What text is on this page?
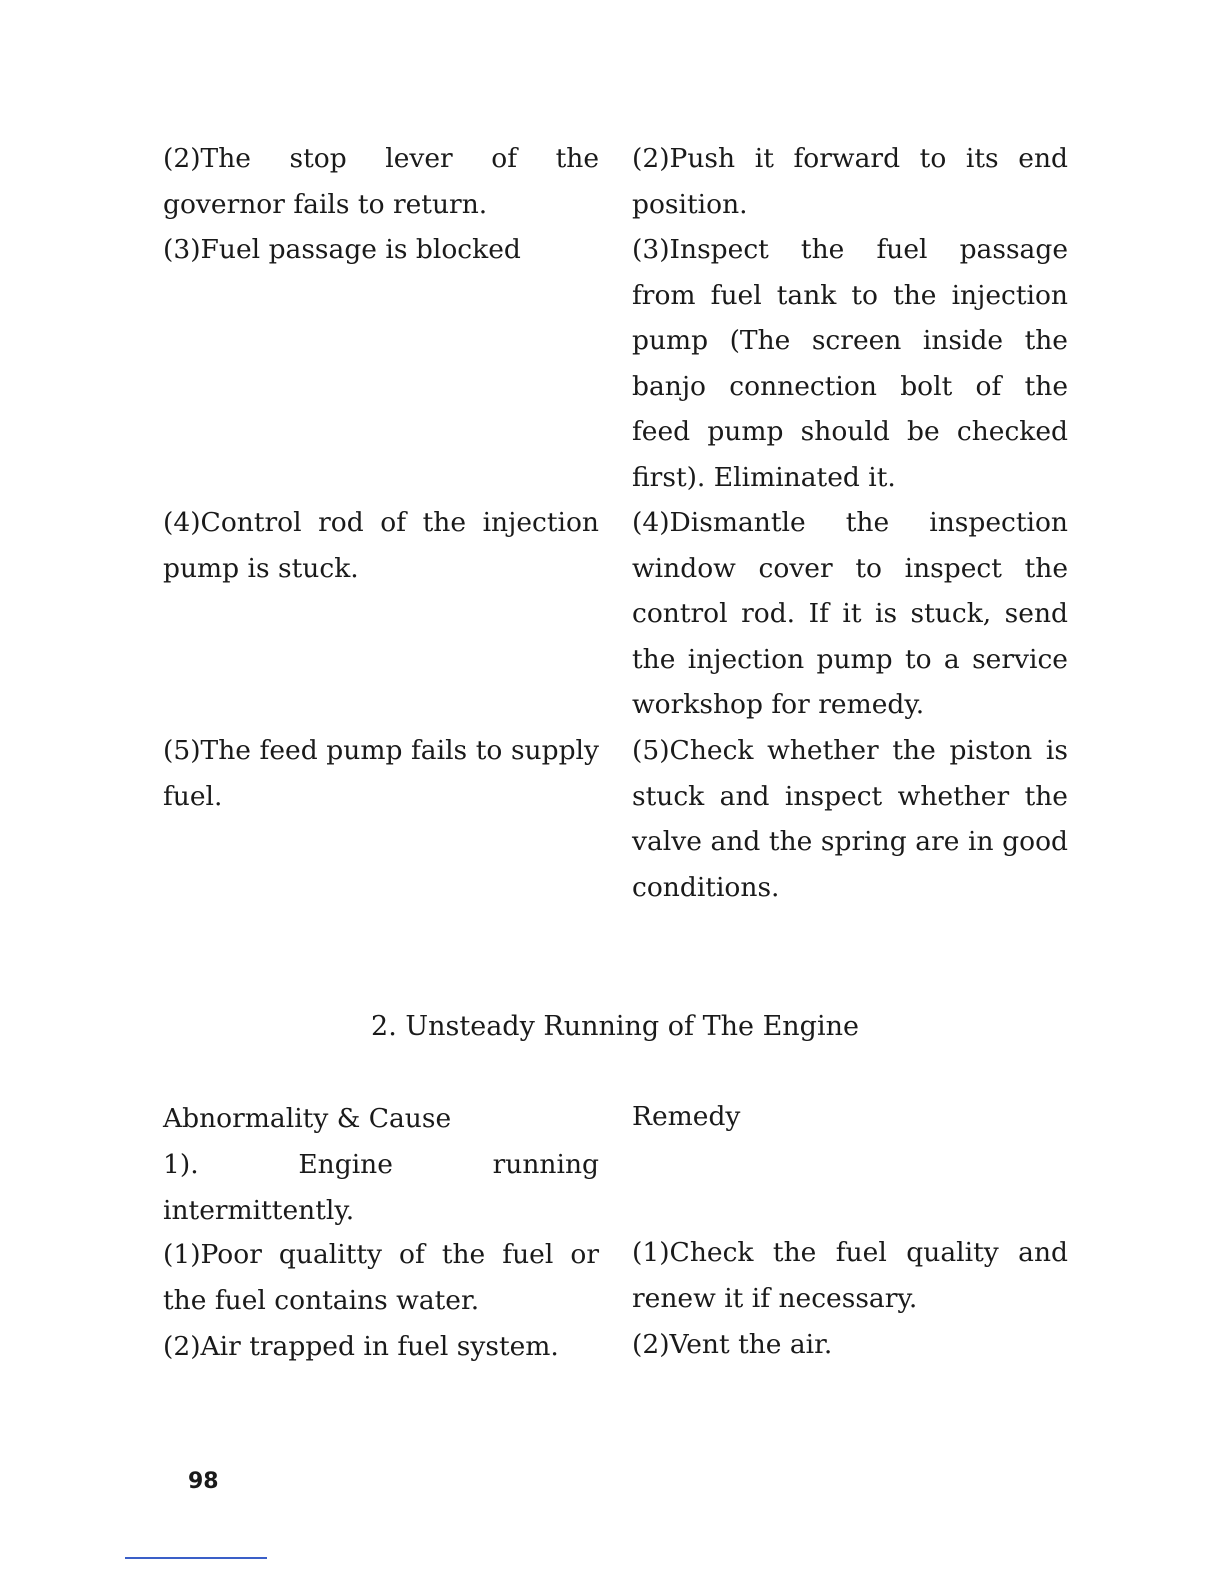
(2)The stop lever of the governor fails to return.
(3)Fuel passage is blocked
(4)Control rod of the injection pump is stuck.
(5)The feed pump fails to supply fuel.
(2)Push it forward to its end position.
(3)Inspect the fuel passage from fuel tank to the injection pump (The screen inside the banjo connection bolt of the feed pump should be checked first). Eliminated it.
(4)Dismantle the inspection window cover to inspect the control rod. If it is stuck, send the injection pump to a service workshop for remedy.
(5)Check whether the piston is stuck and inspect whether the valve and the spring are in good conditions.
2. Unsteady Running of The Engine
Abnormality & Cause
1). Engine running intermittently.
(1)Poor qualitty of the fuel or the fuel contains water.
(2)Air trapped in fuel system.
Remedy
(1)Check the fuel quality and renew it if necessary.
(2)Vent the air.
98
